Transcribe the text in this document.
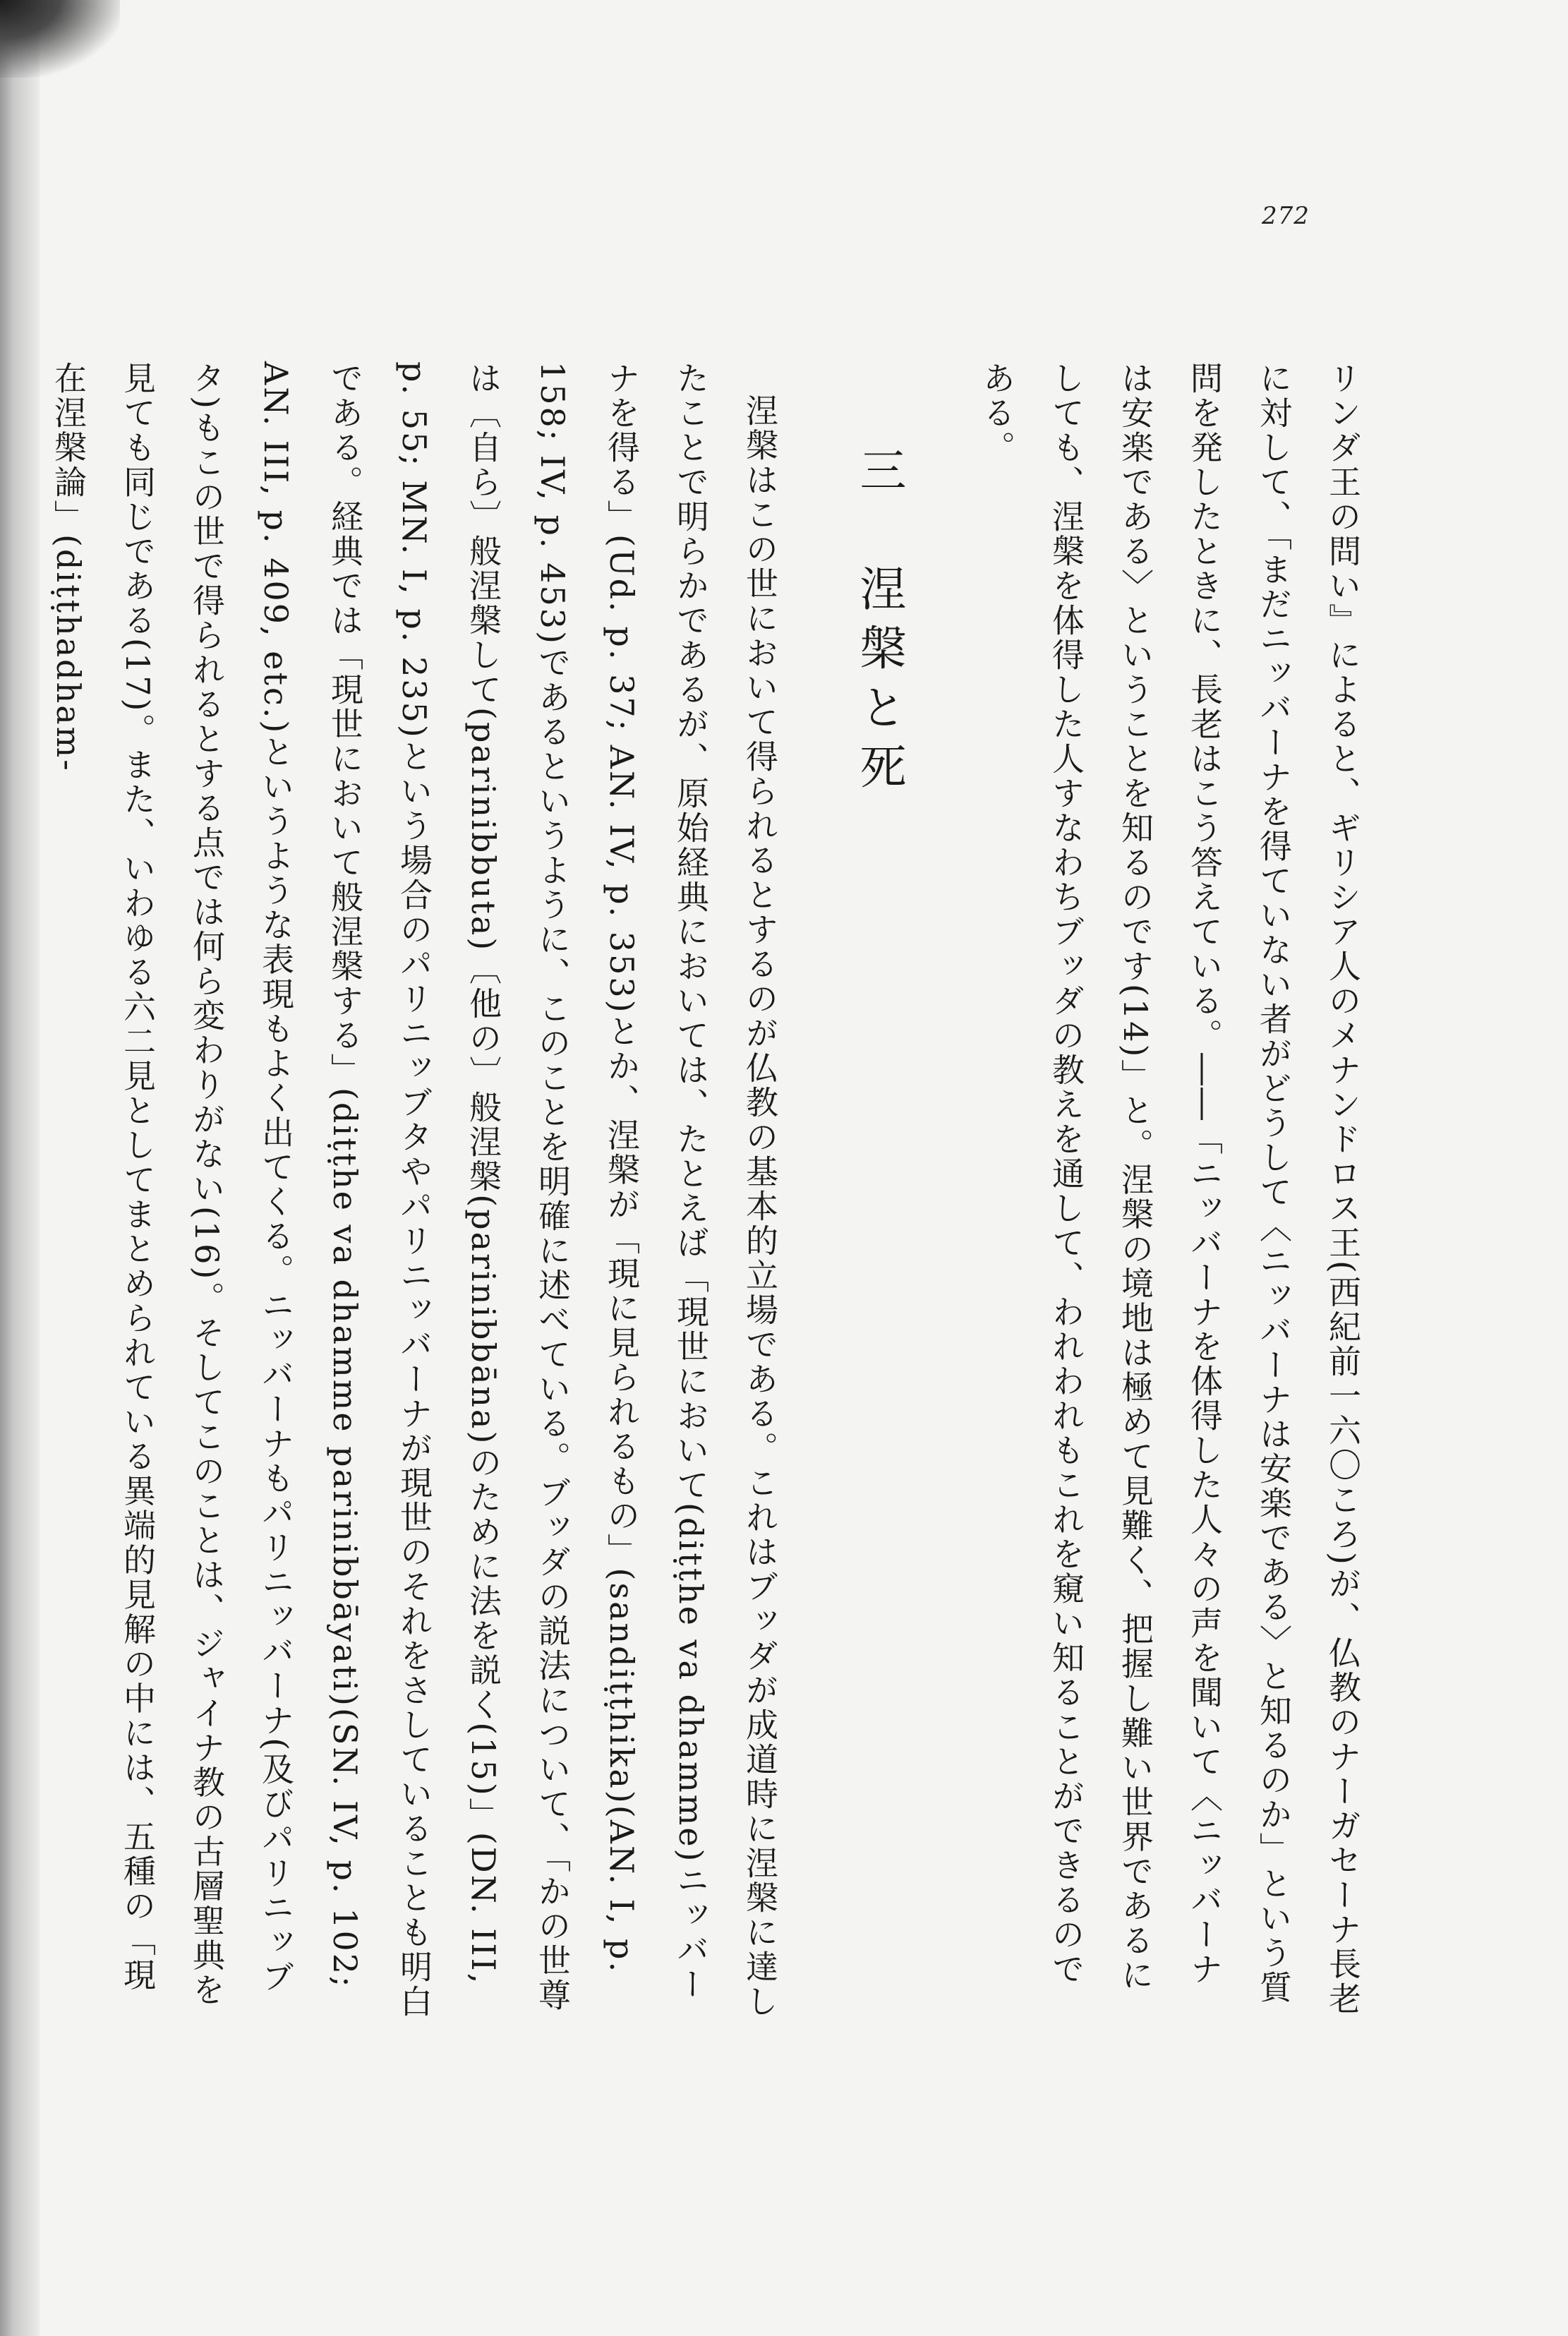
272

リンダ王の問い』によると、ギリシア人のメナンドロス王(西紀前一六〇ころ)が、仏教のナーガセーナ長老に対して、「まだニッバーナを得ていない者がどうして〈ニッバーナは安楽である〉と知るのか」という質問を発したときに、長老はこう答えている。――「ニッバーナを体得した人々の声を聞いて〈ニッバーナは安楽である〉ということを知るのです(14)」と。涅槃の境地は極めて見難く、把握し難い世界であるにしても、涅槃を体得した人すなわちブッダの教えを通して、われわれもこれを窺い知ることができるのである。

三　涅槃と死

涅槃はこの世において得られるとするのが仏教の基本的立場である。これはブッダが成道時に涅槃に達したことで明らかであるが、原始経典においては、たとえば「現世において(diṭṭhe va dhamme)ニッバーナを得る」(Ud. p. 37; AN. IV, p. 353)とか、涅槃が「現に見られるもの」(sandiṭṭhika)(AN. I, p. 158; IV, p. 453)であるというように、このことを明確に述べている。ブッダの説法について、「かの世尊は〔自ら〕般涅槃して(parinibbuta)〔他の〕般涅槃(parinibbāna)のために法を説く(15)」(DN. III, p. 55; MN. I, p. 235)という場合のパリニッブタやパリニッバーナが現世のそれをさしていることも明白である。経典では「現世において般涅槃する」(diṭṭhe va dhamme parinibbāyati)(SN. IV, p. 102; AN. III, p. 409, etc.)というような表現もよく出てくる。ニッバーナもパリニッバーナ(及びパリニッブタ)もこの世で得られるとする点では何ら変わりがない(16)。そしてこのことは、ジャイナ教の古層聖典を見ても同じである(17)。また、いわゆる六二見としてまとめられている異端的見解の中には、五種の「現在涅槃論」(diṭṭhadham-
